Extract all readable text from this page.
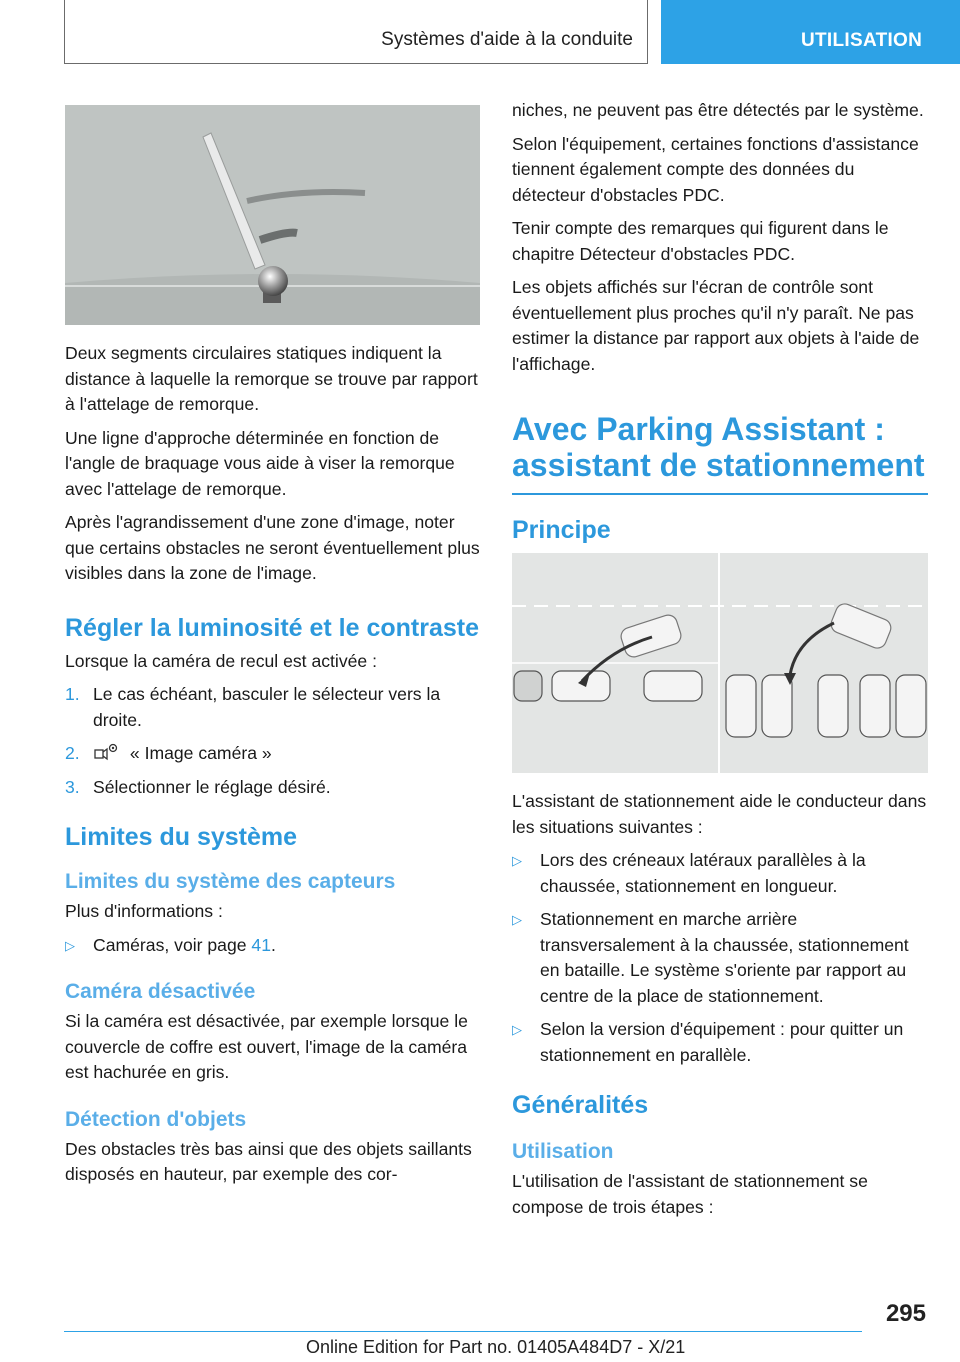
Systèmes d'aide à la conduite	UTILISATION

Deux segments circulaires statiques indiquent la distance à laquelle la remorque se trouve par rapport à l'attelage de remorque.

Une ligne d'approche déterminée en fonction de l'angle de braquage vous aide à viser la remorque avec l'attelage de remorque.

Après l'agrandissement d'une zone d'image, noter que certains obstacles ne seront éventuellement plus visibles dans la zone de l'image.

Régler la luminosité et le contraste

Lorsque la caméra de recul est activée :

1. Le cas échéant, basculer le sélecteur vers la droite.
2.	« Image caméra »
3. Sélectionner le réglage désiré.
Limites du système
Limites du système des capteurs

Plus d'informations :

▷ Caméras, voir page 41.
Caméra désactivée

Si la caméra est désactivée, par exemple lorsque le couvercle de coffre est ouvert, l'image de la caméra est hachurée en gris.

Détection d'objets

Des obstacles très bas ainsi que des objets saillants disposés en hauteur, par exemple des cor-

niches, ne peuvent pas être détectés par le système.

Selon l'équipement, certaines fonctions d'assistance tiennent également compte des données du détecteur d'obstacles PDC.

Tenir compte des remarques qui figurent dans le chapitre Détecteur d'obstacles PDC.

Les objets affichés sur l'écran de contrôle sont éventuellement plus proches qu'il n'y paraît. Ne pas estimer la distance par rapport aux objets à l'aide de l'affichage.

Avec Parking Assistant : assistant de stationnement
Principe

L'assistant de stationnement aide le conducteur dans les situations suivantes :

▷ Lors des créneaux latéraux parallèles à la chaussée, stationnement en longueur.
▷ Stationnement en marche arrière transversalement à la chaussée, stationnement en bataille. Le système s'oriente par rapport au centre de la place de stationnement.
▷ Selon la version d'équipement : pour quitter un stationnement en parallèle.
Généralités
Utilisation

L'utilisation de l'assistant de stationnement se compose de trois étapes :

295
Online Edition for Part no. 01405A484D7 - X/21
